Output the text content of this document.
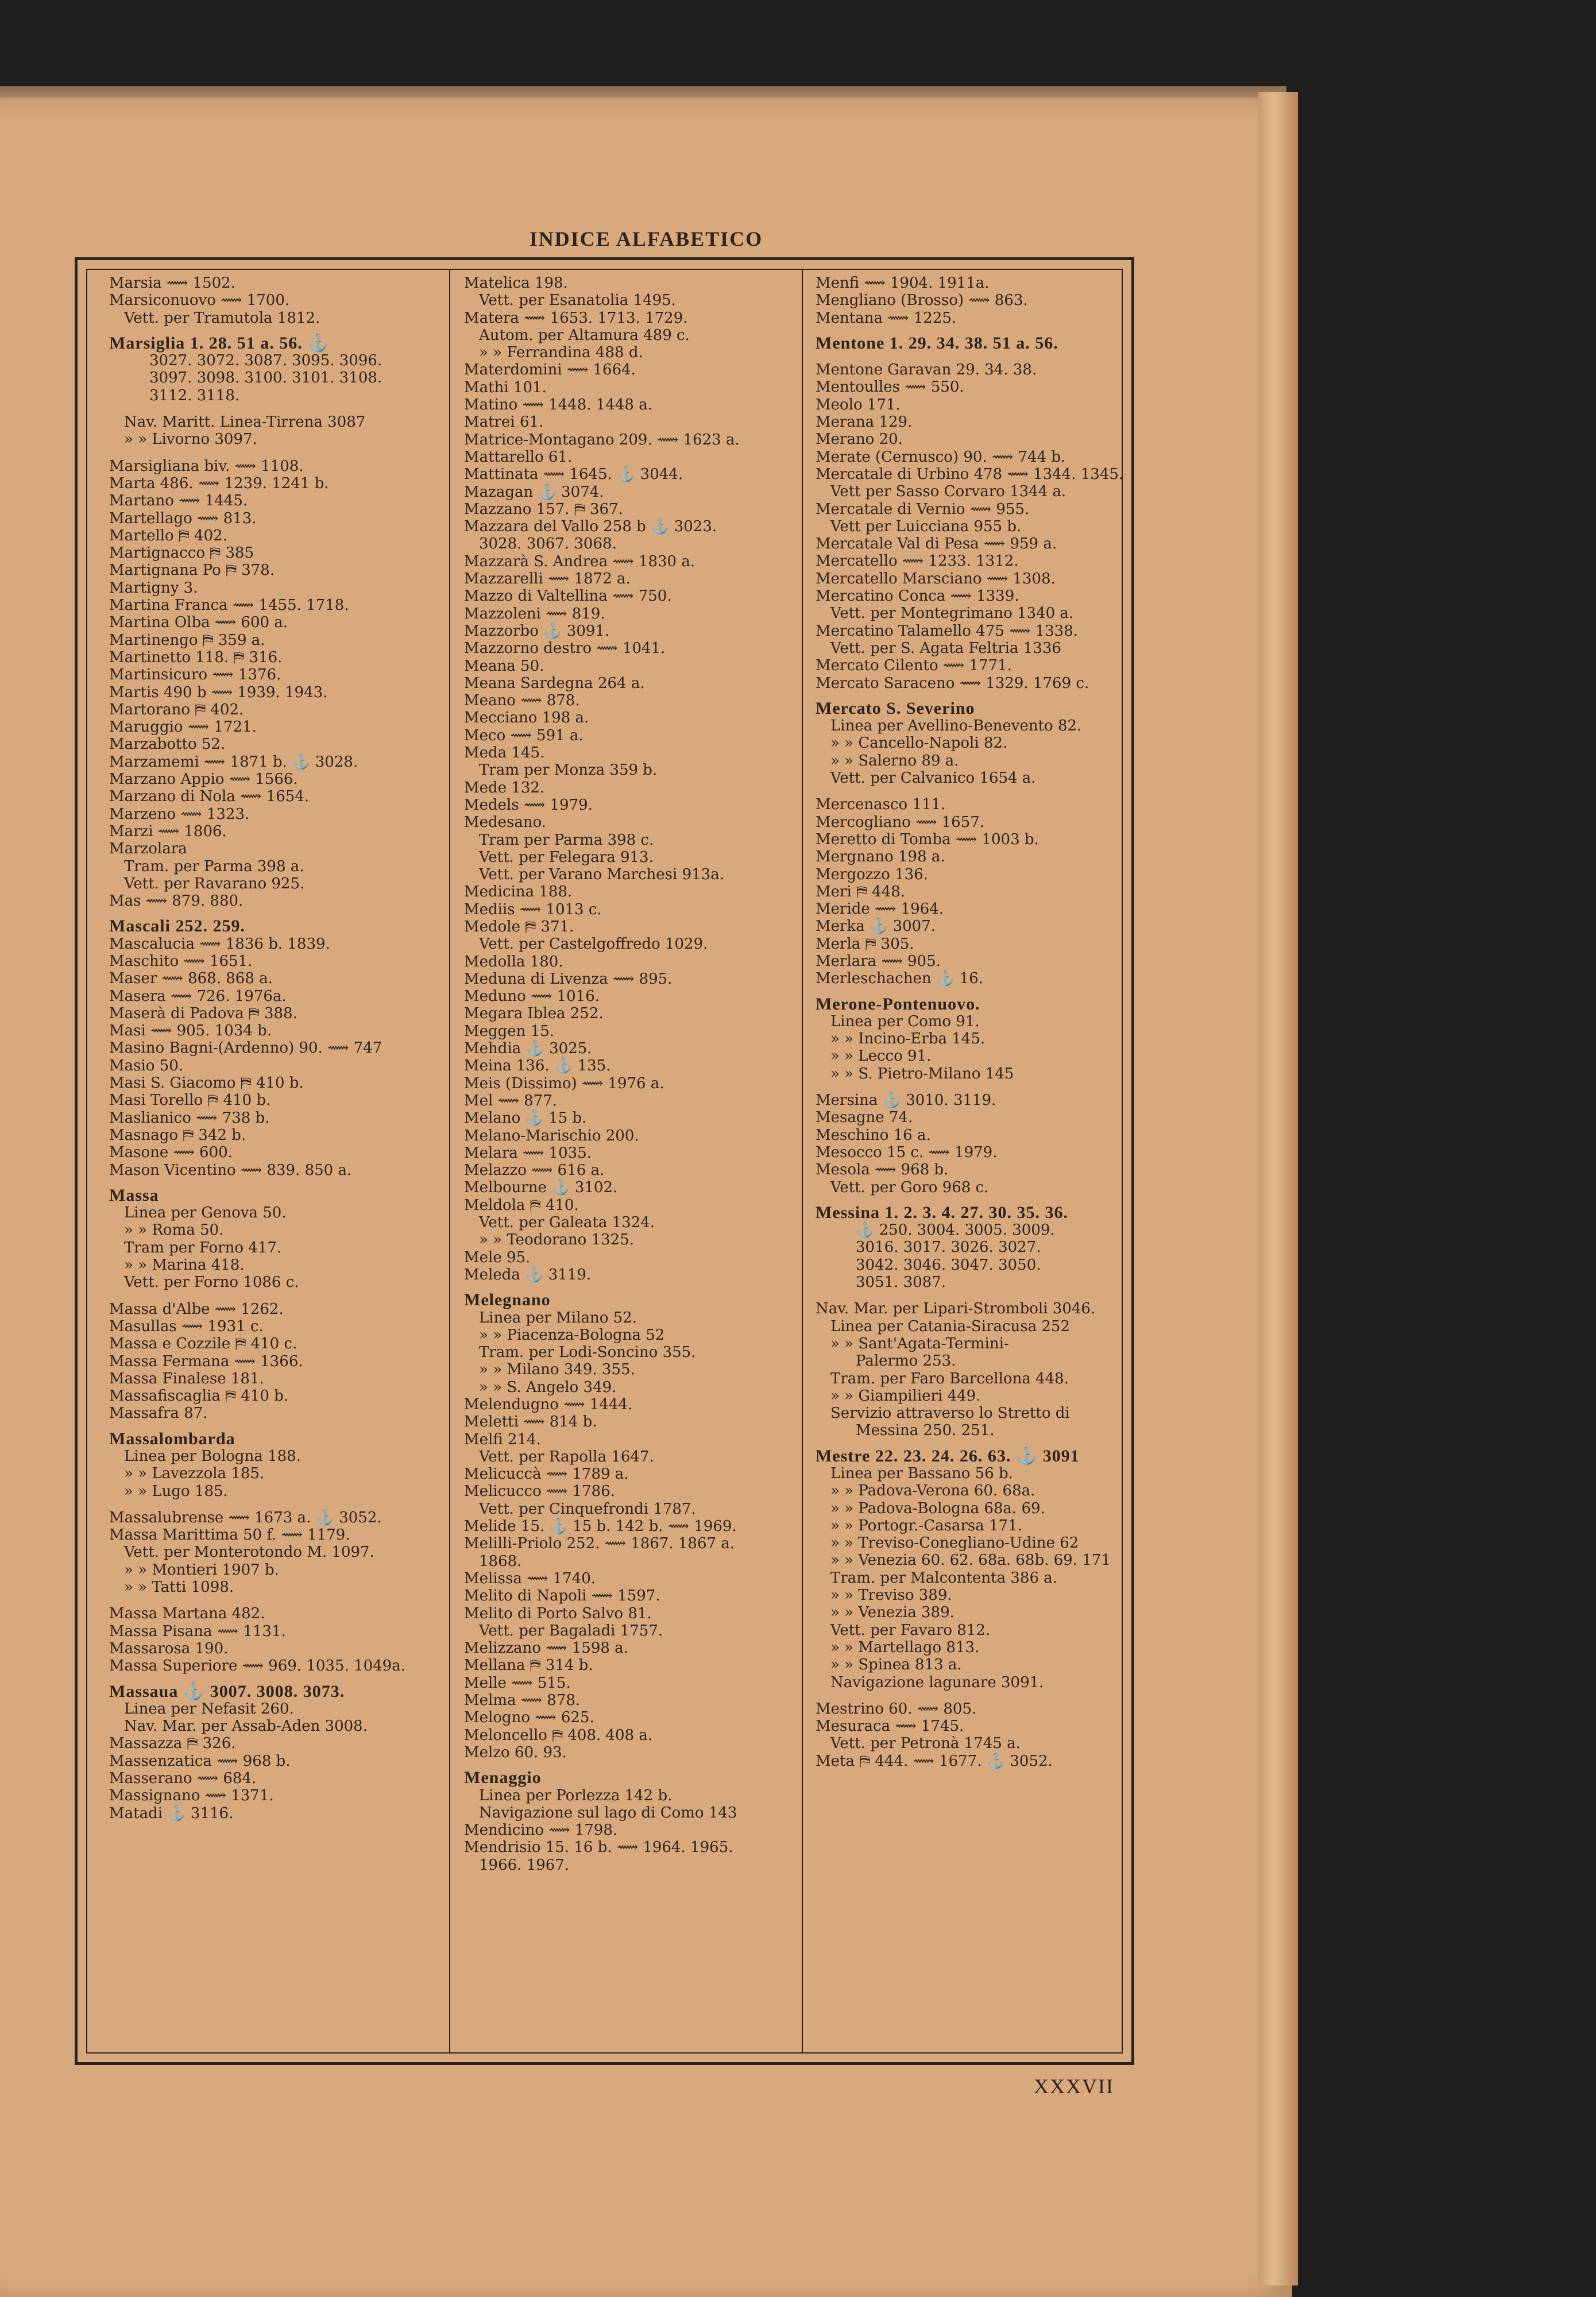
INDICE ALFABETICO
Marsia ⟿ 1502.
Marsiconuovo ⟿ 1700.
Vett. per Tramutola 1812.
Marsiglia 1. 28. 51 a. 56. ⚓
3027. 3072. 3087. 3095. 3096.
3097. 3098. 3100. 3101. 3108.
3112. 3118.
Nav. Maritt. Linea-Tirrena 3087
» » Livorno 3097.
Marsigliana biv. ⟿ 1108.
Marta 486. ⟿ 1239. 1241 b.
Martano ⟿ 1445.
Martellago ⟿ 813.
Martello ⛿ 402.
Martignacco ⛿ 385
Martignana Po ⛿ 378.
Martigny 3.
Martina Franca ⟿ 1455. 1718.
Martina Olba ⟿ 600 a.
Martinengo ⛿ 359 a.
Martinetto 118. ⛿ 316.
Martinsicuro ⟿ 1376.
Martis 490 b ⟿ 1939. 1943.
Martorano ⛿ 402.
Maruggio ⟿ 1721.
Marzabotto 52.
Marzamemi ⟿ 1871 b. ⚓ 3028.
Marzano Appio ⟿ 1566.
Marzano di Nola ⟿ 1654.
Marzeno ⟿ 1323.
Marzi ⟿ 1806.
Marzolara
Tram. per Parma 398 a.
Vett. per Ravarano 925.
Mas ⟿ 879. 880.
Mascali 252. 259.
Mascalucia ⟿ 1836 b. 1839.
Maschito ⟿ 1651.
Maser ⟿ 868. 868 a.
Masera ⟿ 726. 1976a.
Maserà di Padova ⛿ 388.
Masi ⟿ 905. 1034 b.
Masino Bagni-(Ardenno) 90. ⟿ 747
Masio 50.
Masi S. Giacomo ⛿ 410 b.
Masi Torello ⛿ 410 b.
Maslianico ⟿ 738 b.
Masnago ⛿ 342 b.
Masone ⟿ 600.
Mason Vicentino ⟿ 839. 850 a.
Massa
Linea per Genova 50.
» » Roma 50.
Tram per Forno 417.
» » Marina 418.
Vett. per Forno 1086 c.
Massa d'Albe ⟿ 1262.
Masullas ⟿ 1931 c.
Massa e Cozzile ⛿ 410 c.
Massa Fermana ⟿ 1366.
Massa Finalese 181.
Massafiscaglia ⛿ 410 b.
Massafra 87.
Massalombarda
Linea per Bologna 188.
» » Lavezzola 185.
» » Lugo 185.
Massalubrense ⟿ 1673 a. ⚓ 3052.
Massa Marittima 50 f. ⟿ 1179.
Vett. per Monterotondo M. 1097.
» » Montieri 1907 b.
» » Tatti 1098.
Massa Martana 482.
Massa Pisana ⟿ 1131.
Massarosa 190.
Massa Superiore ⟿ 969. 1035. 1049a.
Massaua ⚓ 3007. 3008. 3073.
Linea per Nefasit 260.
Nav. Mar. per Assab-Aden 3008.
Massazza ⛿ 326.
Massenzatica ⟿ 968 b.
Masserano ⟿ 684.
Massignano ⟿ 1371.
Matadi ⚓ 3116.
Matelica 198.
Vett. per Esanatolia 1495.
Matera ⟿ 1653. 1713. 1729.
Autom. per Altamura 489 c.
» » Ferrandina 488 d.
Materdomini ⟿ 1664.
Mathi 101.
Matino ⟿ 1448. 1448 a.
Matrei 61.
Matrice-Montagano 209. ⟿ 1623 a.
Mattarello 61.
Mattinata ⟿ 1645. ⚓ 3044.
Mazagan ⚓ 3074.
Mazzano 157. ⛿ 367.
Mazzara del Vallo 258 b ⚓ 3023.
3028. 3067. 3068.
Mazzarà S. Andrea ⟿ 1830 a.
Mazzarelli ⟿ 1872 a.
Mazzo di Valtellina ⟿ 750.
Mazzoleni ⟿ 819.
Mazzorbo ⚓ 3091.
Mazzorno destro ⟿ 1041.
Meana 50.
Meana Sardegna 264 a.
Meano ⟿ 878.
Mecciano 198 a.
Meco ⟿ 591 a.
Meda 145.
Tram per Monza 359 b.
Mede 132.
Medels ⟿ 1979.
Medesano.
Tram per Parma 398 c.
Vett. per Felegara 913.
Vett. per Varano Marchesi 913a.
Medicina 188.
Mediis ⟿ 1013 c.
Medole ⛿ 371.
Vett. per Castelgoffredo 1029.
Medolla 180.
Meduna di Livenza ⟿ 895.
Meduno ⟿ 1016.
Megara Iblea 252.
Meggen 15.
Mehdia ⚓ 3025.
Meina 136. ⚓ 135.
Meis (Dissimo) ⟿ 1976 a.
Mel ⟿ 877.
Melano ⚓ 15 b.
Melano-Marischio 200.
Melara ⟿ 1035.
Melazzo ⟿ 616 a.
Melbourne ⚓ 3102.
Meldola ⛿ 410.
Vett. per Galeata 1324.
» » Teodorano 1325.
Mele 95.
Meleda ⚓ 3119.
Melegnano
Linea per Milano 52.
» » Piacenza-Bologna 52
Tram. per Lodi-Soncino 355.
» » Milano 349. 355.
» » S. Angelo 349.
Melendugno ⟿ 1444.
Meletti ⟿ 814 b.
Melfi 214.
Vett. per Rapolla 1647.
Melicuccà ⟿ 1789 a.
Melicucco ⟿ 1786.
Vett. per Cinquefrondi 1787.
Melide 15. ⚓ 15 b. 142 b. ⟿ 1969.
Melilli-Priolo 252. ⟿ 1867. 1867 a.
1868.
Melissa ⟿ 1740.
Melito di Napoli ⟿ 1597.
Melito di Porto Salvo 81.
Vett. per Bagaladi 1757.
Melizzano ⟿ 1598 a.
Mellana ⛿ 314 b.
Melle ⟿ 515.
Melma ⟿ 878.
Melogno ⟿ 625.
Meloncello ⛿ 408. 408 a.
Melzo 60. 93.
Menaggio
Linea per Porlezza 142 b.
Navigazione sul lago di Como 143
Mendicino ⟿ 1798.
Mendrisio 15. 16 b. ⟿ 1964. 1965.
1966. 1967.
Menfi ⟿ 1904. 1911a.
Mengliano (Brosso) ⟿ 863.
Mentana ⟿ 1225.
Mentone 1. 29. 34. 38. 51 a. 56.
Mentone Garavan 29. 34. 38.
Mentoulles ⟿ 550.
Meolo 171.
Merana 129.
Merano 20.
Merate (Cernusco) 90. ⟿ 744 b.
Mercatale di Urbino 478 ⟿ 1344. 1345.
Vett per Sasso Corvaro 1344 a.
Mercatale di Vernio ⟿ 955.
Vett per Luicciana 955 b.
Mercatale Val di Pesa ⟿ 959 a.
Mercatello ⟿ 1233. 1312.
Mercatello Marsciano ⟿ 1308.
Mercatino Conca ⟿ 1339.
Vett. per Montegrimano 1340 a.
Mercatino Talamello 475 ⟿ 1338.
Vett. per S. Agata Feltria 1336
Mercato Cilento ⟿ 1771.
Mercato Saraceno ⟿ 1329. 1769 c.
Mercato S. Severino
Linea per Avellino-Benevento 82.
» » Cancello-Napoli 82.
» » Salerno 89 a.
Vett. per Calvanico 1654 a.
Mercenasco 111.
Mercogliano ⟿ 1657.
Meretto di Tomba ⟿ 1003 b.
Mergnano 198 a.
Mergozzo 136.
Meri ⛿ 448.
Meride ⟿ 1964.
Merka ⚓ 3007.
Merla ⛿ 305.
Merlara ⟿ 905.
Merleschachen ⚓ 16.
Merone-Pontenuovo.
Linea per Como 91.
» » Incino-Erba 145.
» » Lecco 91.
» » S. Pietro-Milano 145
Mersina ⚓ 3010. 3119.
Mesagne 74.
Meschino 16 a.
Mesocco 15 c. ⟿ 1979.
Mesola ⟿ 968 b.
Vett. per Goro 968 c.
Messina 1. 2. 3. 4. 27. 30. 35. 36.
⚓ 250. 3004. 3005. 3009.
3016. 3017. 3026. 3027.
3042. 3046. 3047. 3050.
3051. 3087.
Nav. Mar. per Lipari-Stromboli 3046.
Linea per Catania-Siracusa 252
» » Sant'Agata-Termini-
Palermo 253.
Tram. per Faro Barcellona 448.
» » Giampilieri 449.
Servizio attraverso lo Stretto di
Messina 250. 251.
Mestre 22. 23. 24. 26. 63. ⚓ 3091
Linea per Bassano 56 b.
» » Padova-Verona 60. 68a.
» » Padova-Bologna 68a. 69.
» » Portogr.-Casarsa 171.
» » Treviso-Conegliano-Udine 62
» » Venezia 60. 62. 68a. 68b. 69. 171
Tram. per Malcontenta 386 a.
» » Treviso 389.
» » Venezia 389.
Vett. per Favaro 812.
» » Martellago 813.
» » Spinea 813 a.
Navigazione lagunare 3091.
Mestrino 60. ⟿ 805.
Mesuraca ⟿ 1745.
Vett. per Petronà 1745 a.
Meta ⛿ 444. ⟿ 1677. ⚓ 3052.
XXXVII
